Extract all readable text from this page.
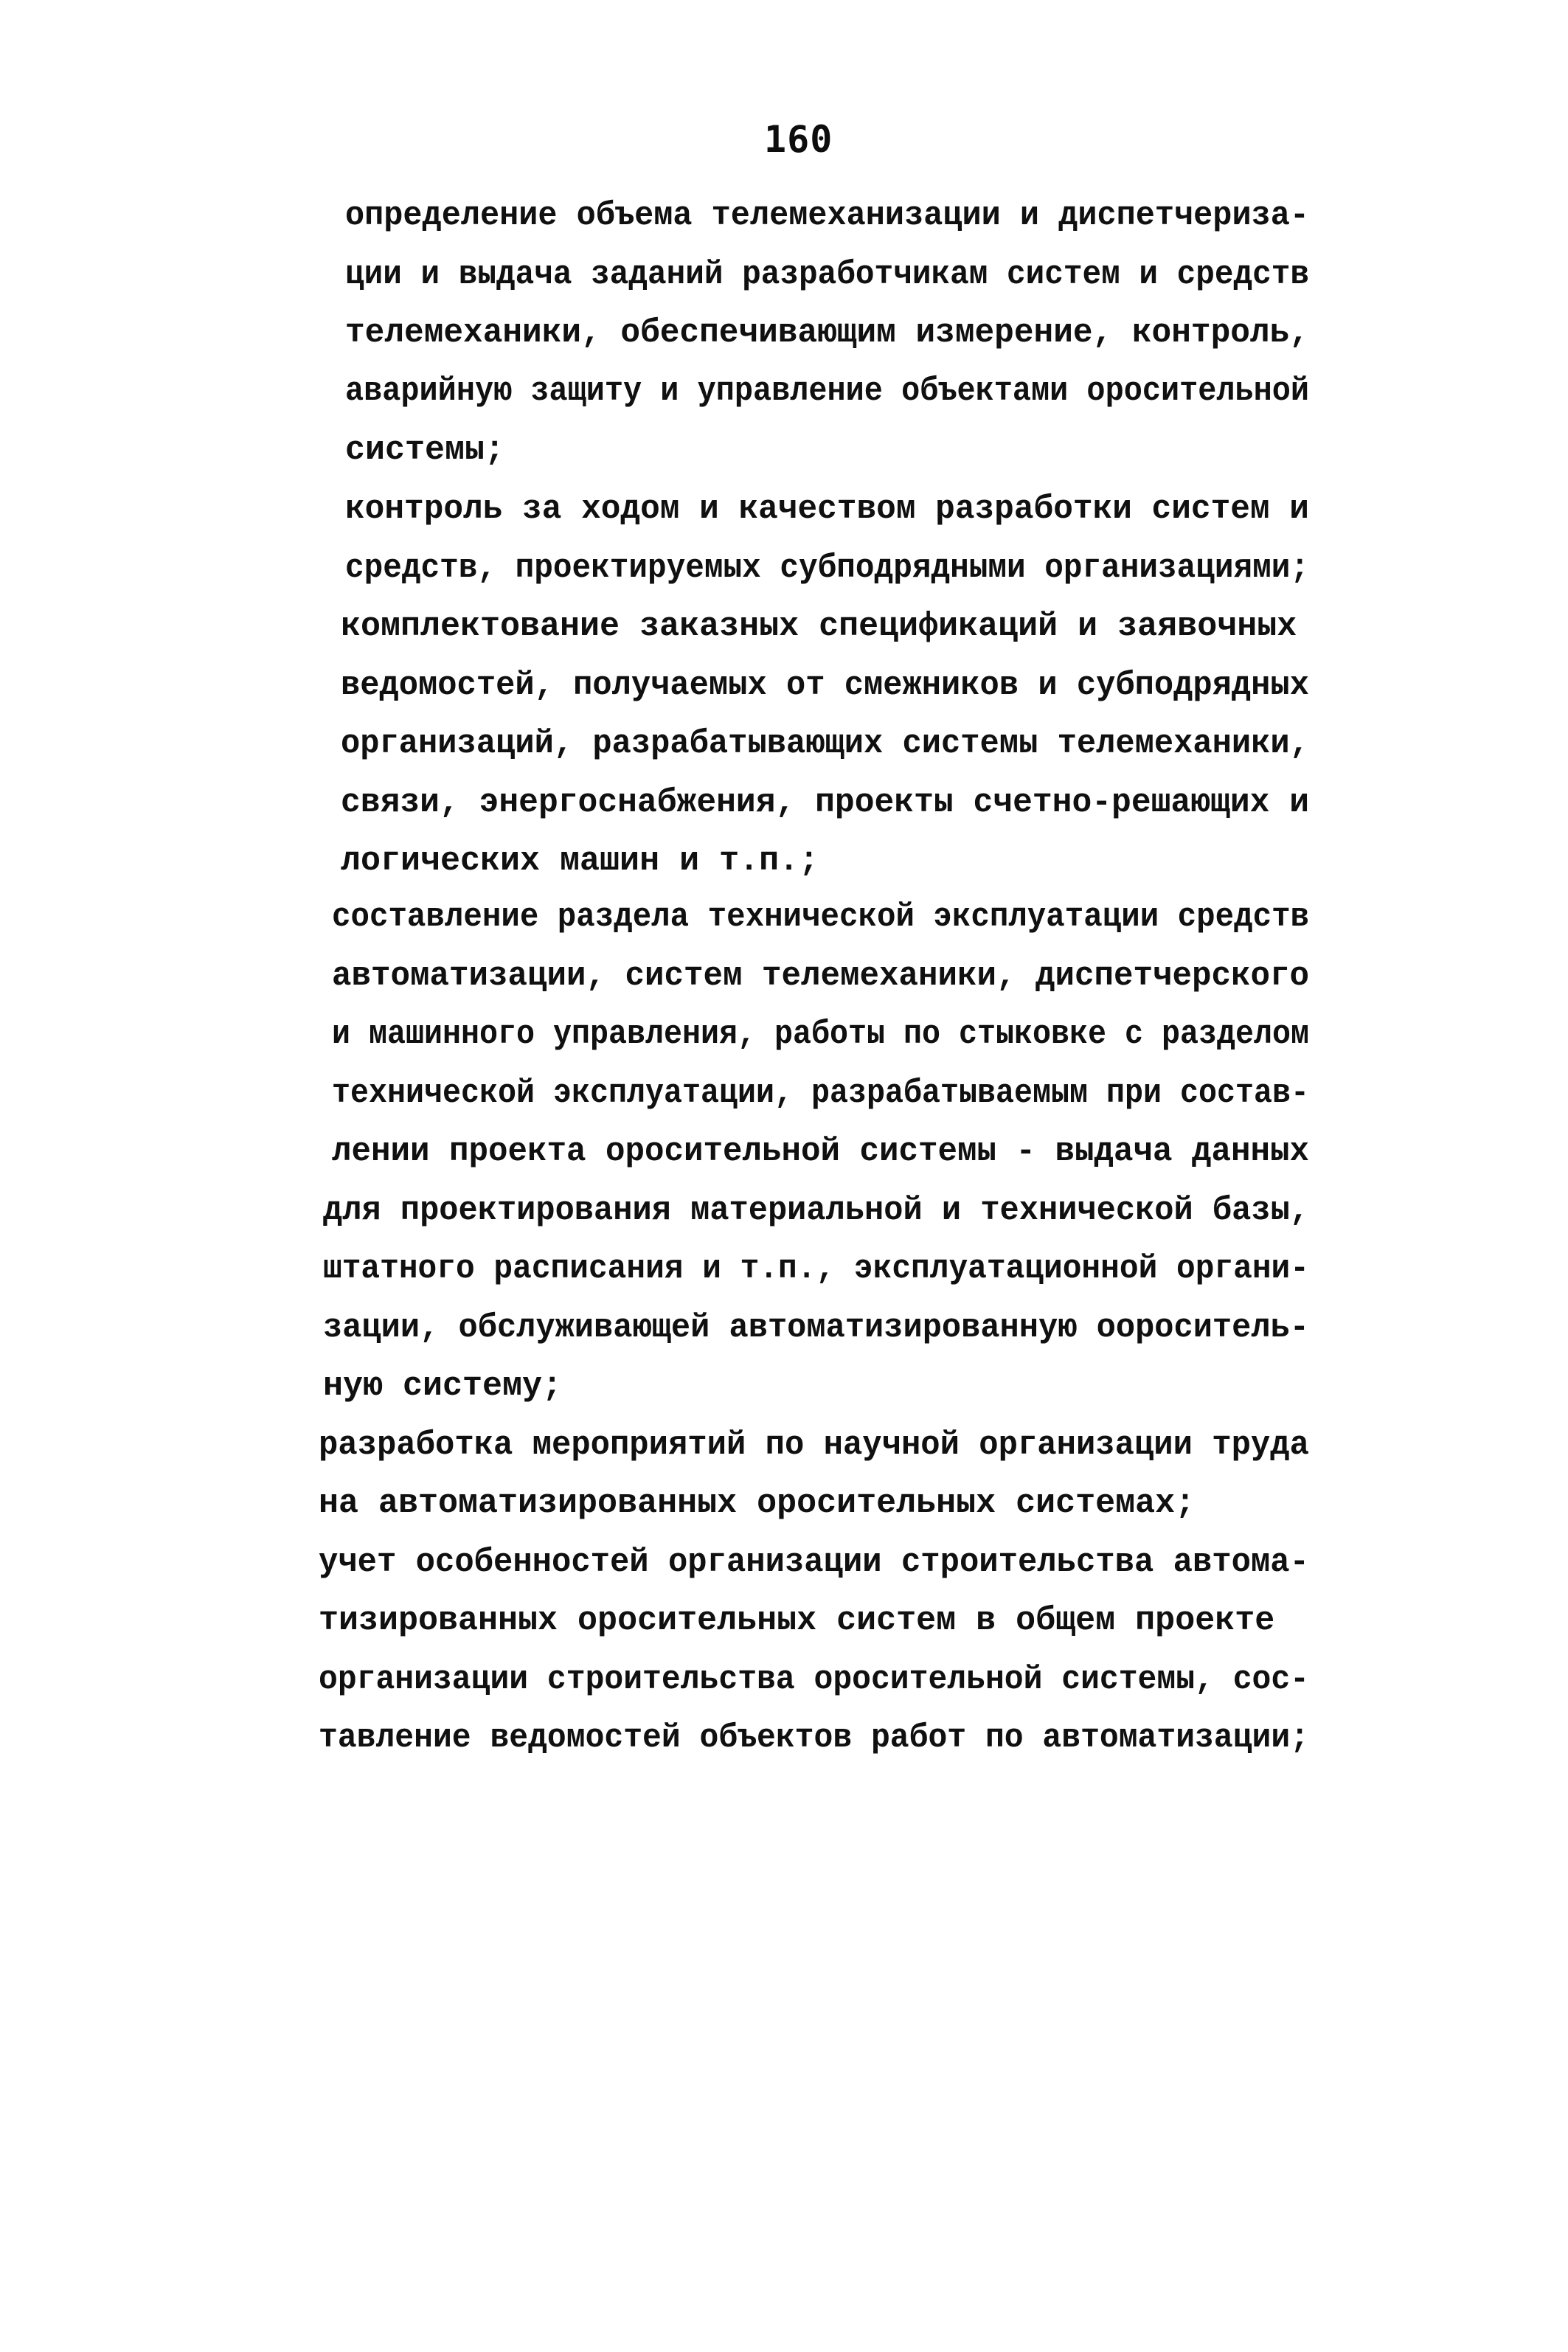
160
определение объема телемеханизации и диспетчериза-
ции и выдача заданий разработчикам систем и средств
телемеханики, обеспечивающим измерение, контроль,
аварийную защиту и управление объектами оросительной
системы;
контроль за ходом и качеством разработки систем и
средств, проектируемых субподрядными организациями;
комплектование заказных спецификаций и заявочных
ведомостей, получаемых от смежников и субподрядных
организаций, разрабатывающих системы телемеханики,
связи, энергоснабжения, проекты счетно-решающих и
логических машин и т.п.;
составление раздела технической эксплуатации средств
автоматизации, систем телемеханики, диспетчерского
и машинного управления, работы по стыковке с разделом
технической эксплуатации, разрабатываемым при состав-
лении проекта оросительной системы - выдача данных
для проектирования материальной и технической базы,
штатного расписания и т.п., эксплуатационной органи-
зации, обслуживающей автоматизированную оороситель-
ную систему;
разработка мероприятий по научной организации труда
на автоматизированных оросительных системах;
учет особенностей организации строительства автома-
тизированных оросительных систем в общем проекте
организации строительства оросительной системы, сос-
тавление ведомостей объектов работ по автоматизации;
